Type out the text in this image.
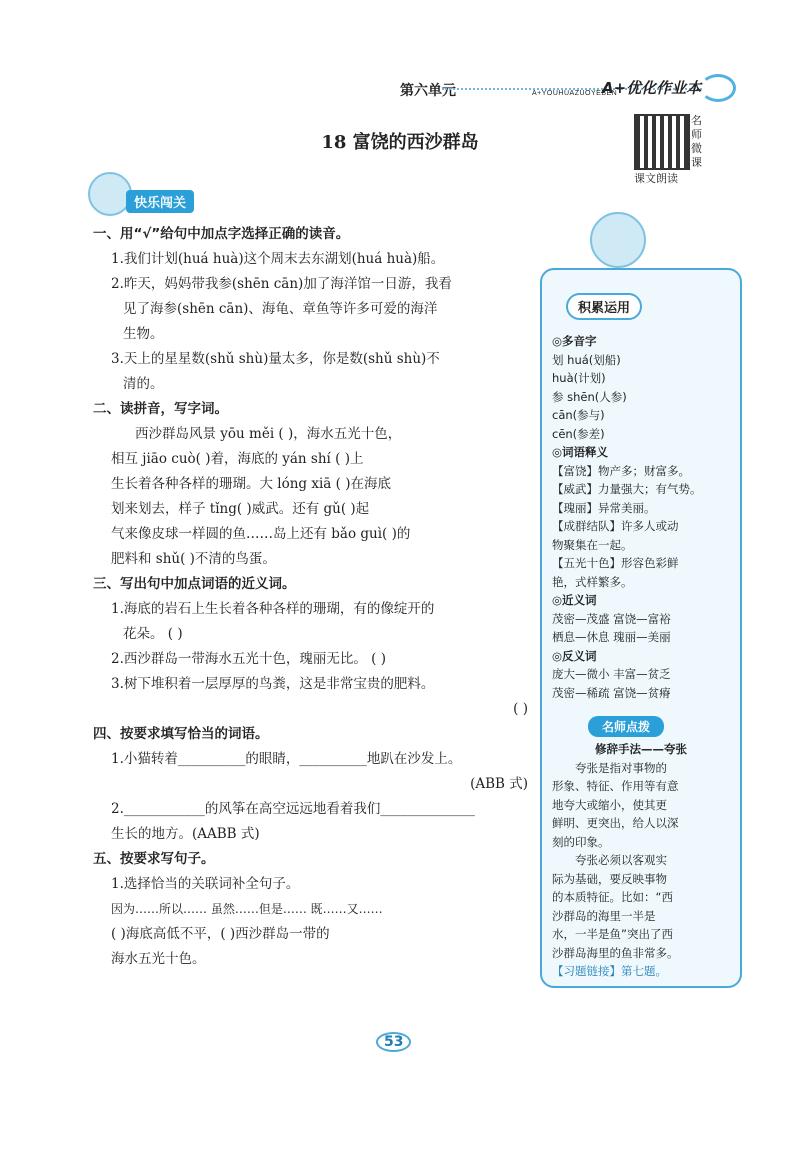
第六单元	A+YOUHUAZUOYEBEN
A+优化作业本
18 富饶的西沙群岛
名师微课
课文朗读
快乐闯关
一、用“√”给句中加点字选择正确的读音。
1.我们计划(huá huà)这个周末去东湖划(huá huà)船。
2.昨天，妈妈带我参(shēn cān)加了海洋馆一日游，我看
见了海参(shēn cān)、海龟、章鱼等许多可爱的海洋
生物。
3.天上的星星数(shǔ shù)量太多，你是数(shǔ shù)不
清的。
二、读拼音，写字词。
西沙群岛风景 yōu měi ( )，海水五光十色，
相互 jiāo cuò( )着，海底的 yán shí ( )上
生长着各种各样的珊瑚。大 lóng xiā ( )在海底
划来划去，样子 tǐng( )威武。还有 gǔ( )起
气来像皮球一样圆的鱼……岛上还有 bǎo guì( )的
肥料和 shǔ( )不清的鸟蛋。
三、写出句中加点词语的近义词。
1.海底的岩石上生长着各种各样的珊瑚，有的像绽开的
花朵。 ( )
2.西沙群岛一带海水五光十色，瑰丽无比。 ( )
3.树下堆积着一层厚厚的鸟粪，这是非常宝贵的肥料。
( )
四、按要求填写恰当的词语。
1.小猫转着__________的眼睛，__________地趴在沙发上。
(ABB 式)
2.____________的风筝在高空远远地看着我们______________
生长的地方。(AABB 式)
五、按要求写句子。
1.选择恰当的关联词补全句子。
因为……所以…… 虽然……但是…… 既……又……
( )海底高低不平，( )西沙群岛一带的
海水五光十色。
积累运用
◎多音字
划 huá(划船)
huà(计划)
参 shēn(人参)
cān(参与)
cēn(参差)
◎词语释义
【富饶】物产多；财富多。
【威武】力量强大；有气势。
【瑰丽】异常美丽。
【成群结队】许多人或动
物聚集在一起。
【五光十色】形容色彩鲜
艳，式样繁多。
◎近义词
茂密—茂盛 富饶—富裕
栖息—休息 瑰丽—美丽
◎反义词
庞大—微小 丰富—贫乏
茂密—稀疏 富饶—贫瘠
名师点拨
修辞手法——夸张
夸张是指对事物的
形象、特征、作用等有意
地夸大或缩小，使其更
鲜明、更突出，给人以深
刻的印象。
夸张必须以客观实
际为基础，要反映事物
的本质特征。比如：“西
沙群岛的海里一半是
水，一半是鱼”突出了西
沙群岛海里的鱼非常多。
【习题链接】第七题。
53
